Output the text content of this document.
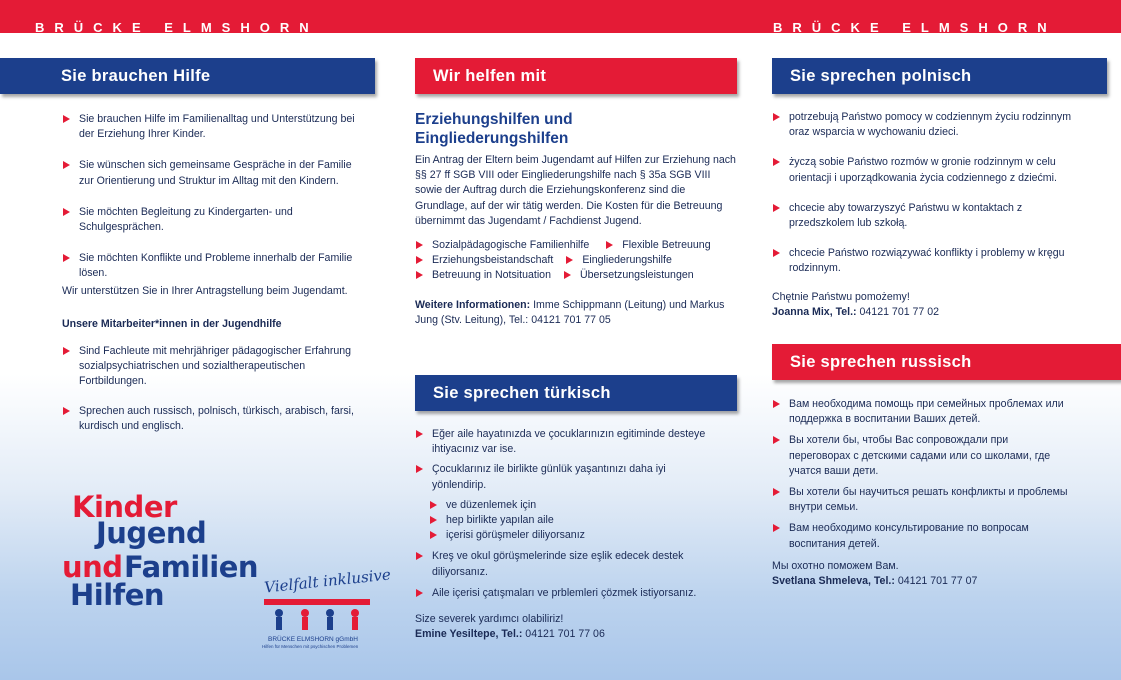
BRÜCKE ELMSHORN	BRÜCKE ELMSHORN
Sie brauchen Hilfe
Sie brauchen Hilfe im Familienalltag und Unterstützung bei der Erziehung Ihrer Kinder.
Sie wünschen sich gemeinsame Gespräche in der Familie zur Orientierung und Struktur im Alltag mit den Kindern.
Sie möchten Begleitung zu Kindergarten- und Schulgesprächen.
Sie möchten Konflikte und Probleme innerhalb der Familie lösen.
Wir unterstützen Sie in Ihrer Antragstellung beim Jugendamt.
Unsere Mitarbeiter*innen in der Jugendhilfe
Sind Fachleute mit mehrjähriger pädagogischer Erfahrung sozialpsychiatrischen und sozialtherapeutischen Fortbildungen.
Sprechen auch russisch, polnisch, türkisch, arabisch, farsi, kurdisch und englisch.
Kinder
Jugend
und Familien
Hilfen	Vielfalt inklusive
BRÜCKE ELMSHORN gGmbH
Hilfen für Menschen mit psychischen Problemen
Wir helfen mit
Erziehungshilfen und Eingliederungshilfen
Ein Antrag der Eltern beim Jugendamt auf Hilfen zur Erziehung nach §§ 27 ff SGB VIII oder Eingliederungshilfe nach § 35a SGB VIII sowie der Auftrag durch die Erziehungskonferenz sind die Grundlage, auf der wir tätig werden. Die Kosten für die Betreuung übernimmt das Jugendamt / Fachdienst Jugend.
Sozialpädagogische Familienhilfe	Flexible Betreuung
Erziehungsbeistandschaft	Eingliederungshilfe
Betreuung in Notsituation	Übersetzungsleistungen
Weitere Informationen: Imme Schippmann (Leitung) und Markus Jung (Stv. Leitung), Tel.: 04121 701 77 05
Sie sprechen türkisch
Eğer aile hayatınızda ve çocuklarınızın egitiminde desteye ihtiyacınız var ise.
Çocuklarınız ile birlikte günlük yaşantınızı daha iyi yönlendirip.
ve düzenlemek için
hep birlikte yapılan aile
içerisi görüşmeler diliyorsanız
Kreş ve okul görüşmelerinde size eşlik edecek destek diliyorsanız.
Aile içerisi çatışmaları ve prblemleri çözmek istiyorsanız.
Size severek yardımcı olabiliriz!
Emine Yesiltepe, Tel.: 04121 701 77 06
Sie sprechen polnisch
potrzebują Państwo pomocy w codziennym życiu rodzinnym oraz wsparcia w wychowaniu dzieci.
życzą sobie Państwo rozmów w gronie rodzinnym w celu orientacji i uporządkowania życia codziennego z dziećmi.
chcecie aby towarzyszyć Państwu w kontaktach z przedszkolem lub szkołą.
chcecie Państwo rozwiązywać konflikty i problemy w kręgu rodzinnym.
Chętnie Państwu pomożemy!
Joanna Mix, Tel.: 04121 701 77 02
Sie sprechen russisch
Вам необходима помощь при семейных проблемах или поддержка в воспитании Ваших детей.
Вы хотели бы, чтобы Вас сопровождали при переговорах с детскими садами или со школами, где учатся ваши дети.
Вы хотели бы научиться решать конфликты и проблемы внутри семьи.
Вам необходимо консультирование по вопросам воспитания детей.
Мы охотно поможем Вам.
Svetlana Shmeleva, Tel.: 04121 701 77 07
